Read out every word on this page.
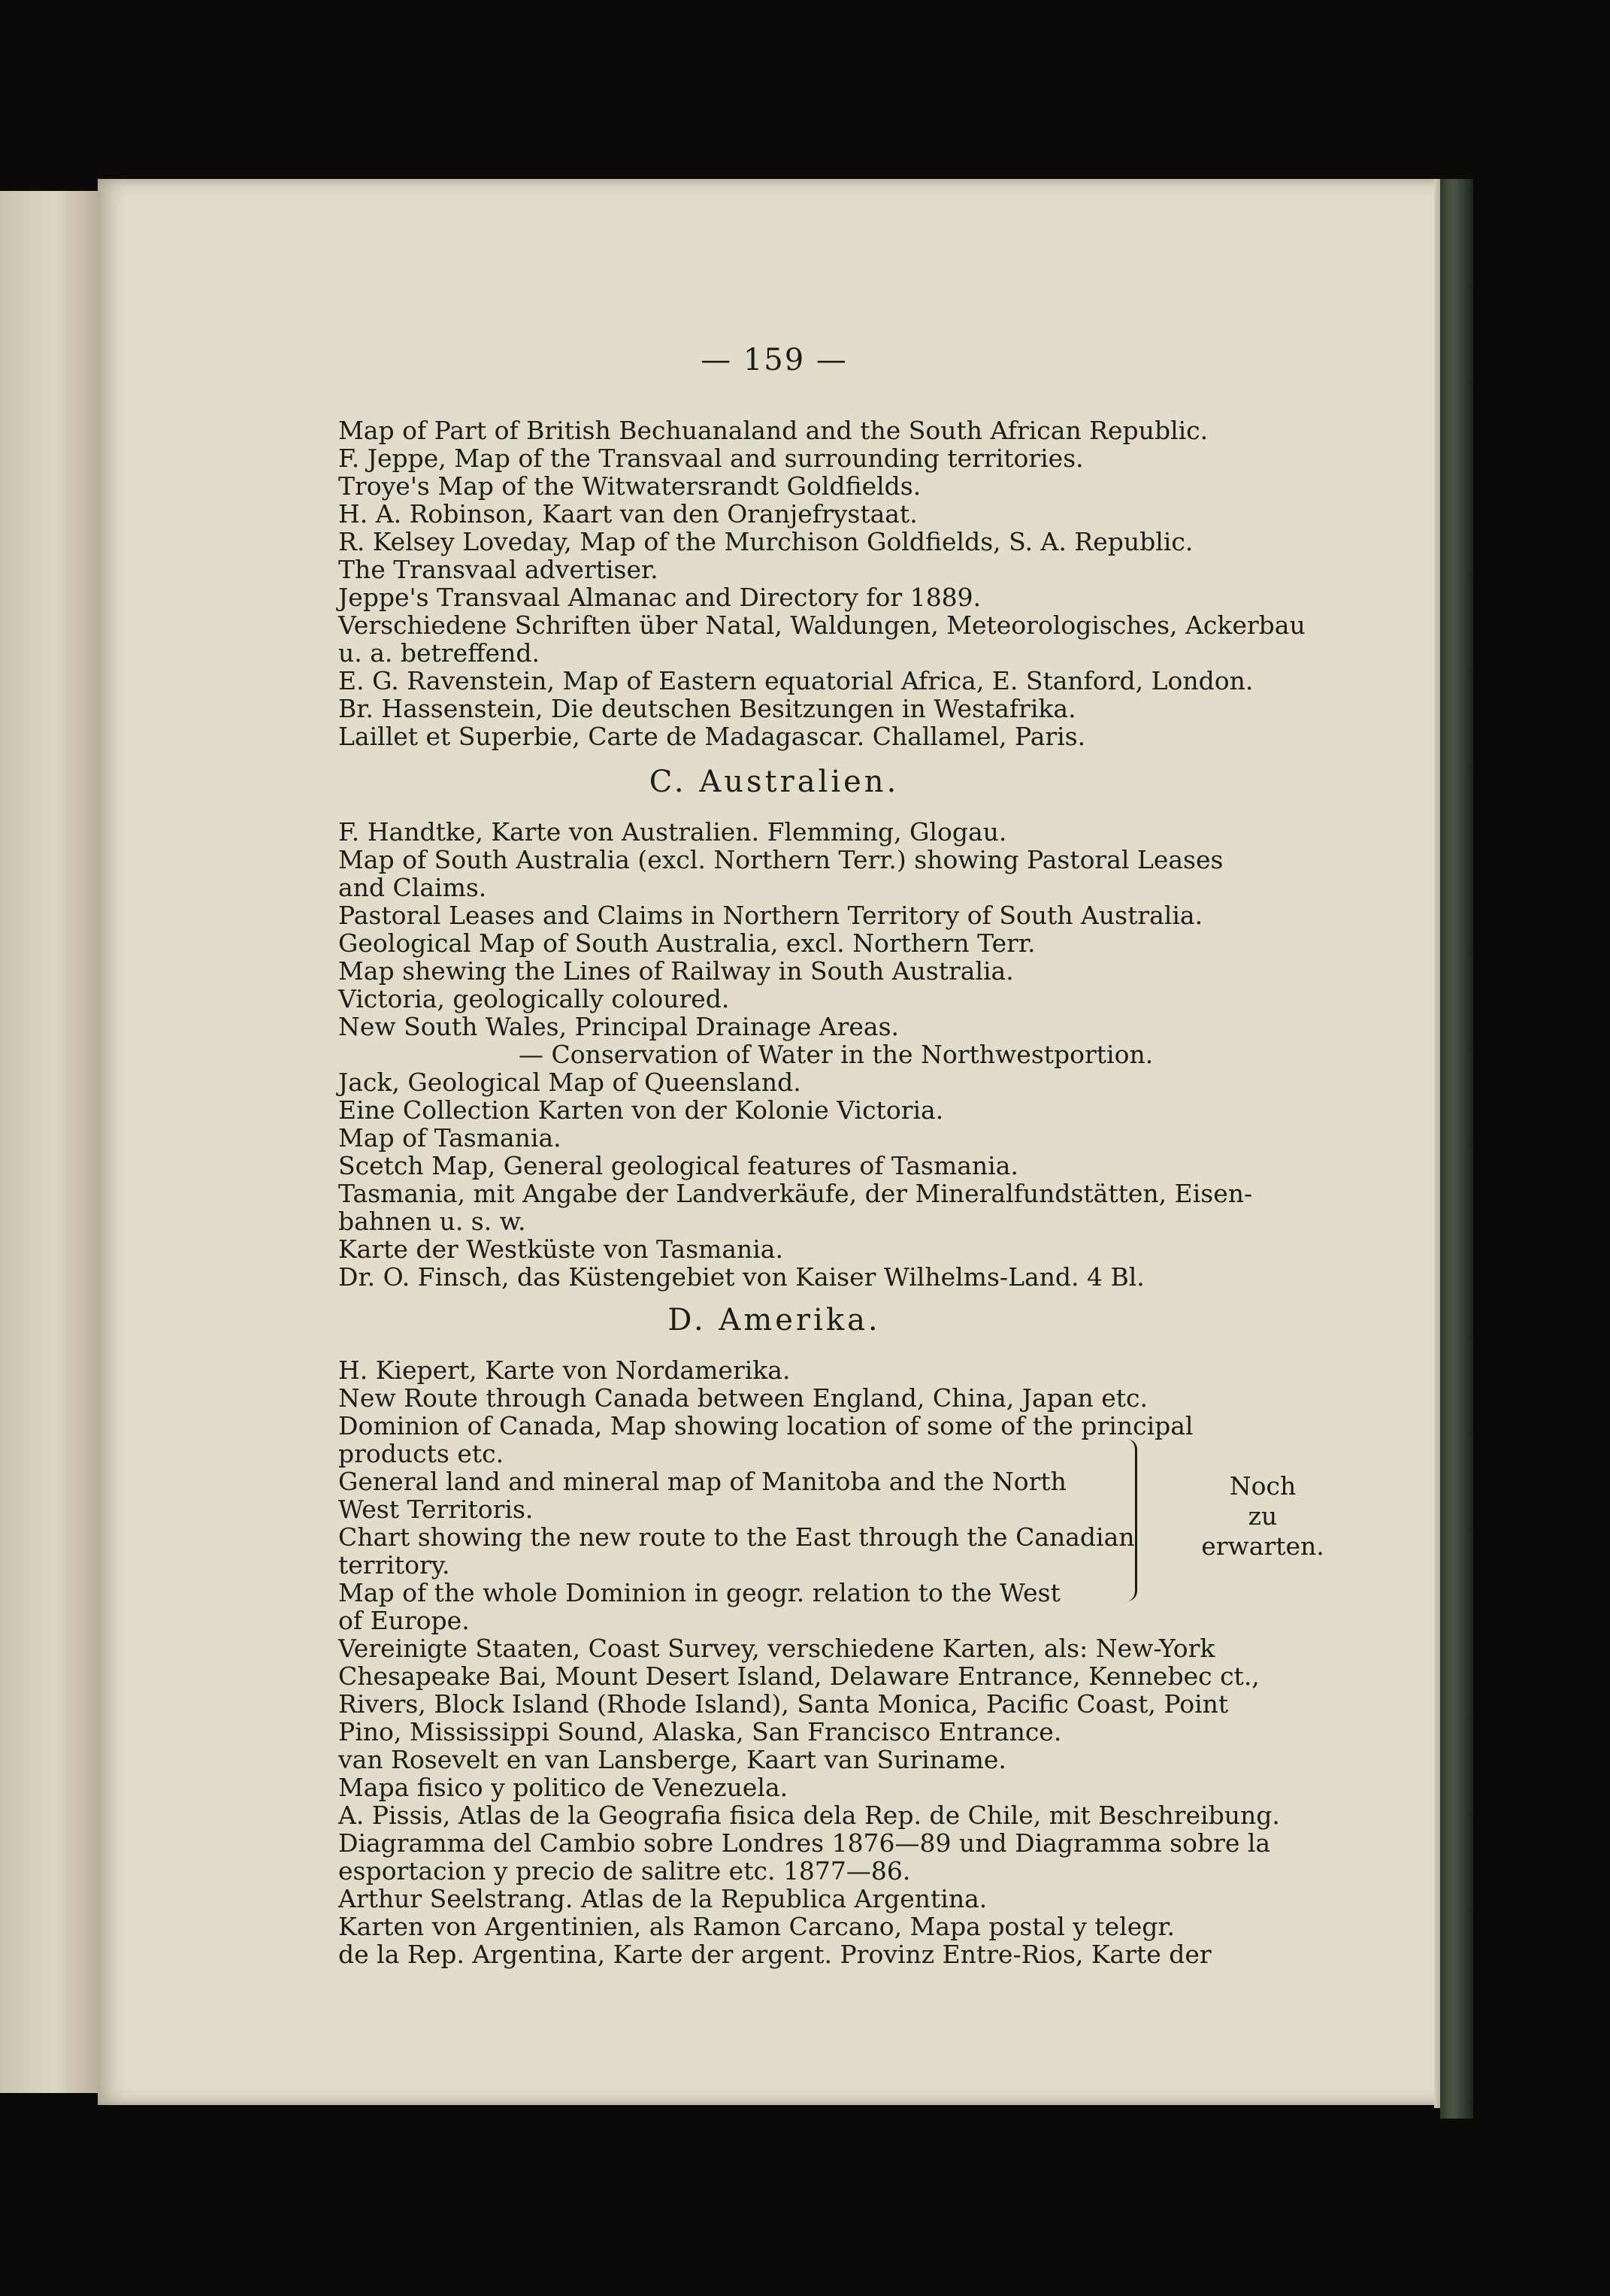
— 159 —
Map of Part of British Bechuanaland and the South African Republic.
F. Jeppe, Map of the Transvaal and surrounding territories.
Troye's Map of the Witwatersrandt Goldfields.
H. A. Robinson, Kaart van den Oranjefrystaat.
R. Kelsey Loveday, Map of the Murchison Goldfields, S. A. Republic.
The Transvaal advertiser.
Jeppe's Transvaal Almanac and Directory for 1889.
Verschiedene Schriften über Natal, Waldungen, Meteorologisches, Ackerbau
u. a. betreffend.
E. G. Ravenstein, Map of Eastern equatorial Africa, E. Stanford, London.
Br. Hassenstein, Die deutschen Besitzungen in Westafrika.
Laillet et Superbie, Carte de Madagascar. Challamel, Paris.
C. Australien.
F. Handtke, Karte von Australien. Flemming, Glogau.
Map of South Australia (excl. Northern Terr.) showing Pastoral Leases
and Claims.
Pastoral Leases and Claims in Northern Territory of South Australia.
Geological Map of South Australia, excl. Northern Terr.
Map shewing the Lines of Railway in South Australia.
Victoria, geologically coloured.
New South Wales, Principal Drainage Areas.
— Conservation of Water in the Northwestportion.
Jack, Geological Map of Queensland.
Eine Collection Karten von der Kolonie Victoria.
Map of Tasmania.
Scetch Map, General geological features of Tasmania.
Tasmania, mit Angabe der Landverkäufe, der Mineralfundstätten, Eisen-
bahnen u. s. w.
Karte der Westküste von Tasmania.
Dr. O. Finsch, das Küstengebiet von Kaiser Wilhelms-Land. 4 Bl.
D. Amerika.
H. Kiepert, Karte von Nordamerika.
New Route through Canada between England, China, Japan etc.
Dominion of Canada, Map showing location of some of the principal
products etc.
General land and mineral map of Manitoba and the North
West Territoris.
Chart showing the new route to the East through the Canadian
territory.
Map of the whole Dominion in geogr. relation to the West
of Europe.
Noch
zu
erwarten.
Vereinigte Staaten, Coast Survey, verschiedene Karten, als: New-York
Chesapeake Bai, Mount Desert Island, Delaware Entrance, Kennebec ct.,
Rivers, Block Island (Rhode Island), Santa Monica, Pacific Coast, Point
Pino, Mississippi Sound, Alaska, San Francisco Entrance.
van Rosevelt en van Lansberge, Kaart van Suriname.
Mapa fisico y politico de Venezuela.
A. Pissis, Atlas de la Geografia fisica dela Rep. de Chile, mit Beschreibung.
Diagramma del Cambio sobre Londres 1876—89 und Diagramma sobre la
esportacion y precio de salitre etc. 1877—86.
Arthur Seelstrang. Atlas de la Republica Argentina.
Karten von Argentinien, als Ramon Carcano, Mapa postal y telegr.
de la Rep. Argentina, Karte der argent. Provinz Entre-Rios, Karte der
